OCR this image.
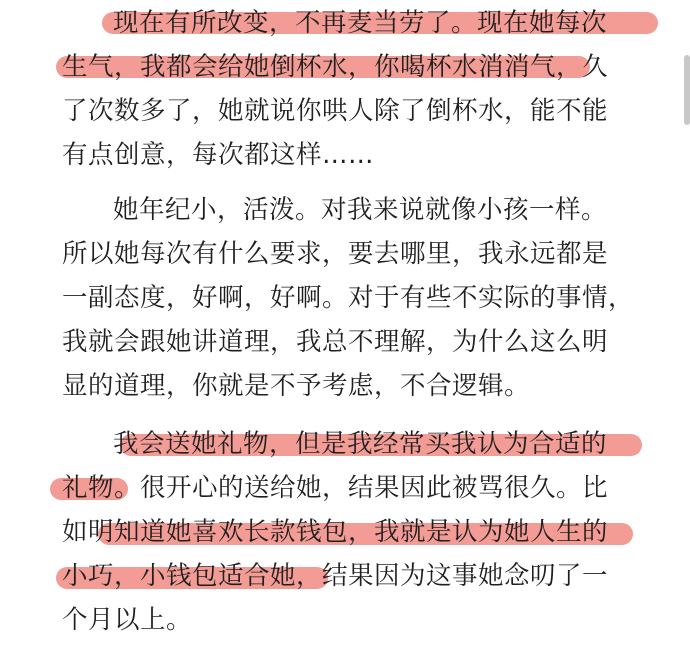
现在有所改变，不再麦当劳了。现在她每次
生气，我都会给她倒杯水，你喝杯水消消气，久
了次数多了，她就说你哄人除了倒杯水，能不能
有点创意，每次都这样……
她年纪小，活泼。对我来说就像小孩一样。
所以她每次有什么要求，要去哪里，我永远都是
一副态度，好啊，好啊。对于有些不实际的事情，
我就会跟她讲道理，我总不理解，为什么这么明
显的道理，你就是不予考虑，不合逻辑。
我会送她礼物，但是我经常买我认为合适的
礼物。很开心的送给她，结果因此被骂很久。比
如明知道她喜欢长款钱包，我就是认为她人生的
小巧，小钱包适合她，结果因为这事她念叨了一
个月以上。
